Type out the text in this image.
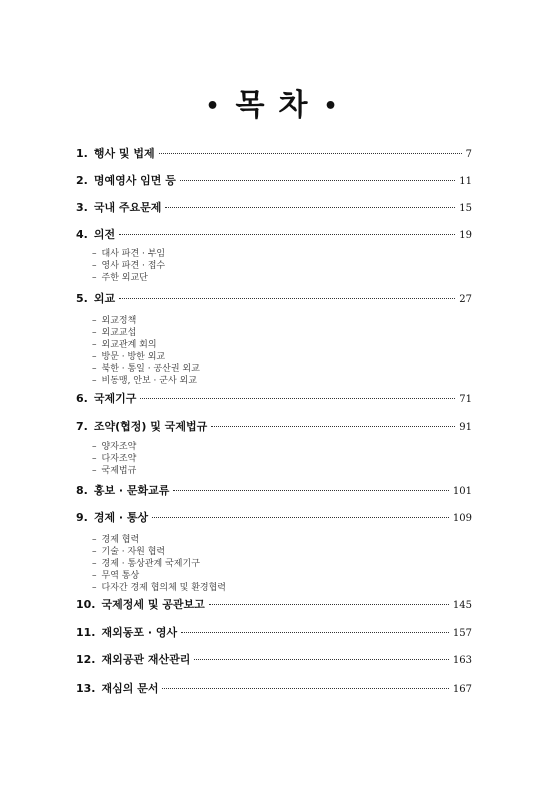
• 목 차 •
1. 행사 및 법제	7
2. 명예영사 임면 등	11
3. 국내 주요문제	15
4. 의전	19
– 대사 파견 · 부임
– 영사 파견 · 접수
– 주한 외교단
5. 외교	27
– 외교정책
– 외교교섭
– 외교관계 회의
– 방문 · 방한 외교
– 북한 · 통일 · 공산권 외교
– 비동맹, 안보 · 군사 외교
6. 국제기구	71
7. 조약(협정) 및 국제법규	91
– 양자조약
– 다자조약
– 국제법규
8. 홍보 · 문화교류	101
9. 경제 · 통상	109
– 경제 협력
– 기술 · 자원 협력
– 경제 · 통상관계 국제기구
– 무역 통상
– 다자간 경제 협의체 및 환경협력
10. 국제정세 및 공관보고	145
11. 재외동포 · 영사	157
12. 재외공관 재산관리	163
13. 재심의 문서	167
